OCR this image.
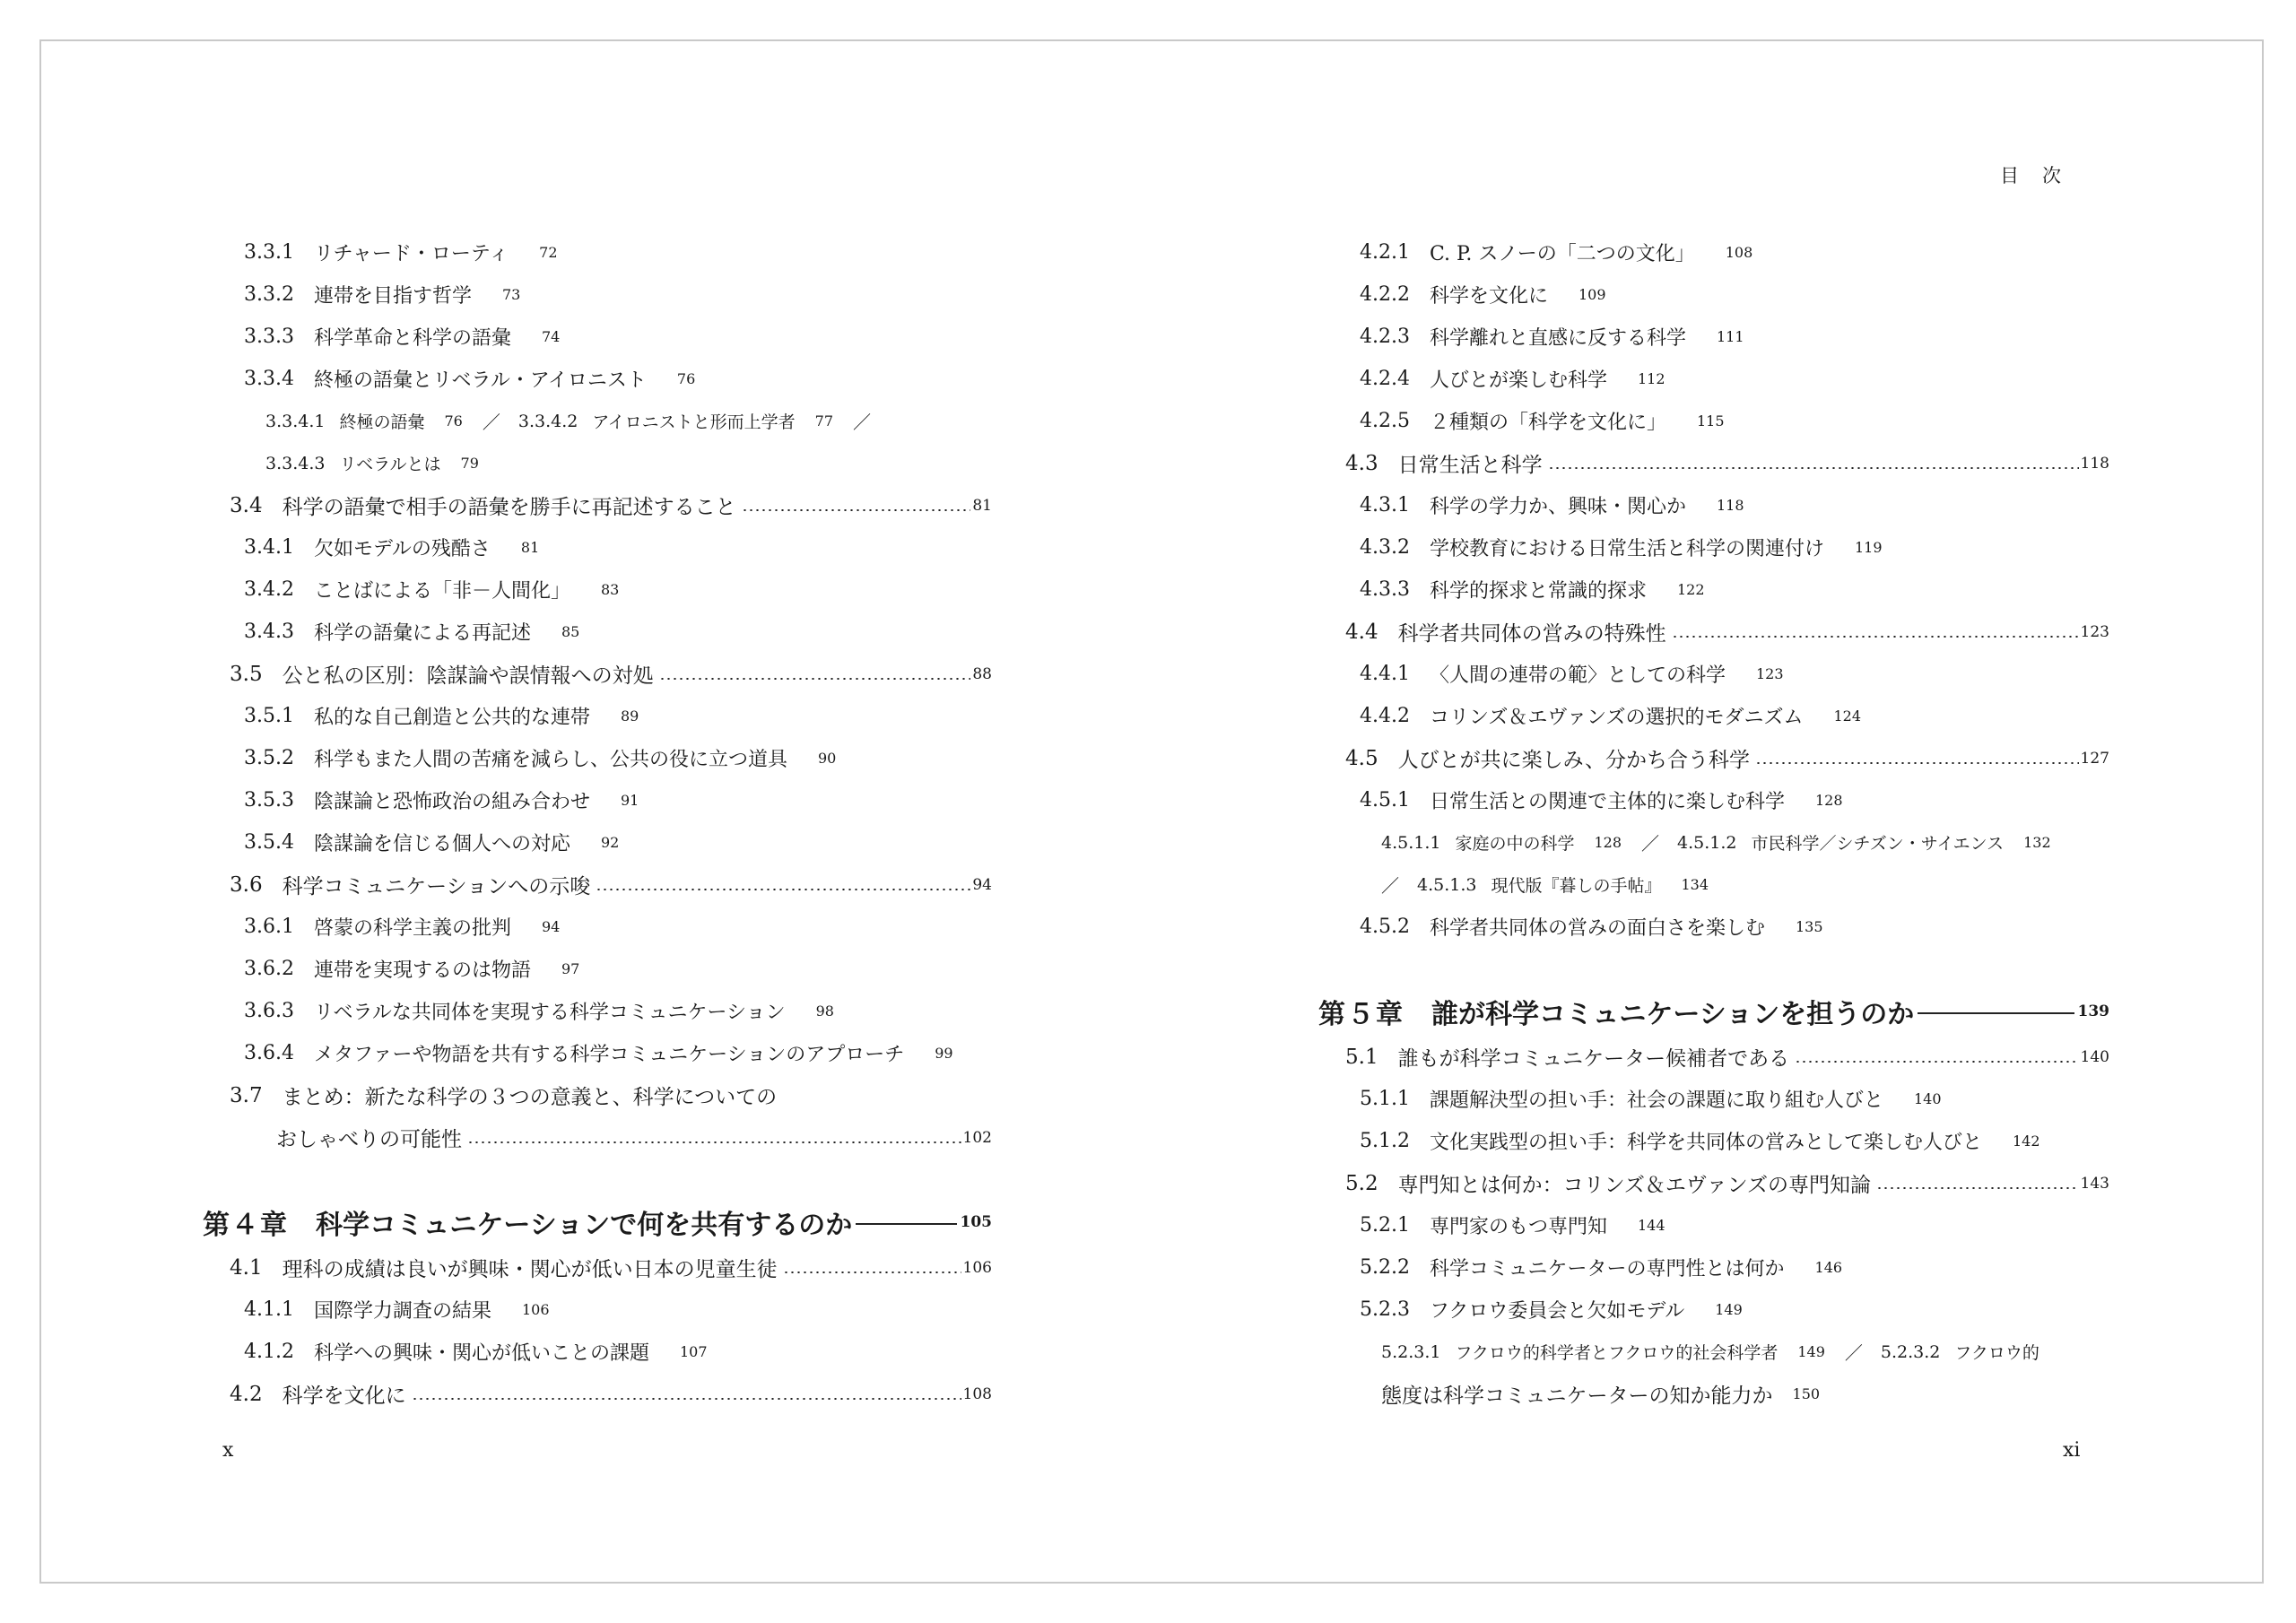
目次
3.3.1 リチャード・ローティ 72
3.3.2 連帯を目指す哲学 73
3.3.3 科学革命と科学の語彙 74
3.3.4 終極の語彙とリベラル・アイロニスト 76
3.3.4.1 終極の語彙 76 ／ 3.3.4.2 アイロニストと形而上学者 77 ／
3.3.4.3 リベラルとは 79
3.4 科学の語彙で相手の語彙を勝手に再記述すること	81
3.4.1 欠如モデルの残酷さ 81
3.4.2 ことばによる「非－人間化」 83
3.4.3 科学の語彙による再記述 85
3.5 公と私の区別：陰謀論や誤情報への対処	88
3.5.1 私的な自己創造と公共的な連帯 89
3.5.2 科学もまた人間の苦痛を減らし、公共の役に立つ道具 90
3.5.3 陰謀論と恐怖政治の組み合わせ 91
3.5.4 陰謀論を信じる個人への対応 92
3.6 科学コミュニケーションへの示唆	94
3.6.1 啓蒙の科学主義の批判 94
3.6.2 連帯を実現するのは物語 97
3.6.3 リベラルな共同体を実現する科学コミュニケーション 98
3.6.4 メタファーや物語を共有する科学コミュニケーションのアプローチ 99
3.7 まとめ：新たな科学の３つの意義と、科学についての
おしゃべりの可能性	102
第４章 科学コミュニケーションで何を共有するのか	105
4.1 理科の成績は良いが興味・関心が低い日本の児童生徒	106
4.1.1 国際学力調査の結果 106
4.1.2 科学への興味・関心が低いことの課題 107
4.2 科学を文化に	108
4.2.1 C. P. スノーの「二つの文化」 108
4.2.2 科学を文化に 109
4.2.3 科学離れと直感に反する科学 111
4.2.4 人びとが楽しむ科学 112
4.2.5 ２種類の「科学を文化に」 115
4.3 日常生活と科学	118
4.3.1 科学の学力か、興味・関心か 118
4.3.2 学校教育における日常生活と科学の関連付け 119
4.3.3 科学的探求と常識的探求 122
4.4 科学者共同体の営みの特殊性	123
4.4.1 〈人間の連帯の範〉としての科学 123
4.4.2 コリンズ＆エヴァンズの選択的モダニズム 124
4.5 人びとが共に楽しみ、分かち合う科学	127
4.5.1 日常生活との関連で主体的に楽しむ科学 128
4.5.1.1 家庭の中の科学 128 ／ 4.5.1.2 市民科学／シチズン・サイエンス 132
／ 4.5.1.3 現代版『暮しの手帖』 134
4.5.2 科学者共同体の営みの面白さを楽しむ 135
第５章 誰が科学コミュニケーションを担うのか	139
5.1 誰もが科学コミュニケーター候補者である	140
5.1.1 課題解決型の担い手：社会の課題に取り組む人びと 140
5.1.2 文化実践型の担い手：科学を共同体の営みとして楽しむ人びと 142
5.2 専門知とは何か：コリンズ＆エヴァンズの専門知論	143
5.2.1 専門家のもつ専門知 144
5.2.2 科学コミュニケーターの専門性とは何か 146
5.2.3 フクロウ委員会と欠如モデル 149
5.2.3.1 フクロウ的科学者とフクロウ的社会科学者 149 ／ 5.2.3.2 フクロウ的
態度は科学コミュニケーターの知か能力か 150
x	xi
